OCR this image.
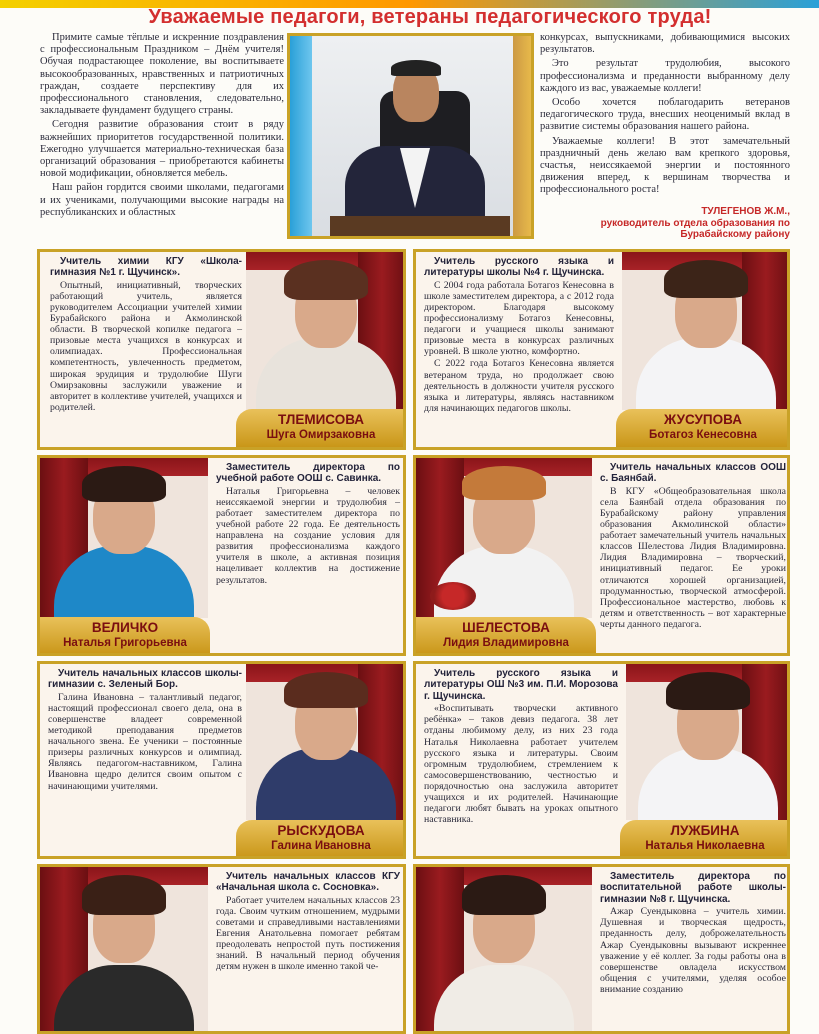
Уважаемые педагоги, ветераны педагогического труда!

Примите самые тёплые и искренние поздравления с профессиональным Праздником – Днём учителя! Обучая подрастающее поколение, вы воспитываете высокообразованных, нравственных и патриотичных граждан, создаете перспективу для их профессионального становления, следовательно, закладываете фундамент будущего страны.

Сегодня развитие образования стоит в ряду важнейших приоритетов государственной политики. Ежегодно улучшается материально-техническая база организаций образования – приобретаются кабинеты новой модификации, обновляется мебель.

Наш район гордится своими школами, педагогами и их учениками, получающими высокие награды на республиканских и областных

конкурсах, выпускниками, добивающимися высоких результатов.

Это результат трудолюбия, высокого профессионализма и преданности выбранному делу каждого из вас, уважаемые коллеги!

Особо хочется поблагодарить ветеранов педагогического труда, внесших неоценимый вклад в развитие системы образования нашего района.

Уважаемые коллеги! В этот замечательный праздничный день желаю вам крепкого здоровья, счастья, неиссякаемой энергии и постоянного движения вперед, к вершинам творчества и профессионального роста!

ТУЛЕГЕНОВ Ж.М.,
руководитель отдела образования по Бурабайскому району

Учитель химии КГУ «Школа-гимназия №1 г. Щучинск».

Опытный, инициативный, творческих работающий учитель, является руководителем Ассоциации учителей химии Бурабайского района и Акмолинской области. В творческой копилке педагога – призовые места учащихся в конкурсах и олимпиадах. Профессиональная компетентность, увлеченность предметом, широкая эрудиция и трудолюбие Шуги Омирзаковны заслужили уважение и авторитет в коллективе учителей, учащихся и родителей.

ТЛЕМИСОВА
Шуга Омирзаковна

Учитель русского языка и литературы школы №4 г. Щучинска.

С 2004 года работала Ботагоз Кенесовна в школе заместителем директора, а с 2012 года директором. Благодаря высокому профессионализму Ботагоз Кенесовны, педагоги и учащиеся школы занимают призовые места в конкурсах различных уровней. В школе уютно, комфортно.

С 2022 года Ботагоз Кенесовна является ветераном труда, но продолжает свою деятельность в должности учителя русского языка и литературы, являясь наставником для начинающих педагогов школы.

ЖУСУПОВА
Ботагоз Кенесовна
ВЕЛИЧКО
Наталья Григорьевна

Заместитель директора по учебной работе ООШ с. Савинка.

Наталья Григорьевна – человек неиссякаемой энергии и трудолюбия – работает заместителем директора по учебной работе 22 года. Ее деятельность направлена на создание условия для развития профессионализма каждого учителя в школе, а активная позиция нацеливает коллектив на достижение результатов.

ШЕЛЕСТОВА
Лидия Владимировна

Учитель начальных классов ООШ с. Баянбай.

В КГУ «Общеобразовательная школа села Баянбай отдела образования по Бурабайскому району управления образования Акмолинской области» работает замечательный учитель начальных классов Шелестова Лидия Владимировна. Лидия Владимировна – творческий, инициативный педагог. Ее уроки отличаются хорошей организацией, продуманностью, творческой атмосферой. Профессиональное мастерство, любовь к детям и ответственность – вот характерные черты данного педагога.

Учитель начальных классов школы-гимназии с. Зеленый Бор.

Галина Ивановна – талантливый педагог, настоящий профессионал своего дела, она в совершенстве владеет современной методикой преподавания предметов начального звена. Ее ученики – постоянные призеры различных конкурсов и олимпиад. Являясь педагогом-наставником, Галина Ивановна щедро делится своим опытом с начинающими учителями.

РЫСКУДОВА
Галина Ивановна

Учитель русского языка и литературы ОШ №3 им. П.И. Морозова г. Щучинска.

«Воспитывать творчески активного ребёнка» – таков девиз педагога. 38 лет отданы любимому делу, из них 23 года Наталья Николаевна работает учителем русского языка и литературы. Своим огромным трудолюбием, стремлением к самосовершенствованию, честностью и порядочностью она заслужила авторитет учащихся и их родителей. Начинающие педагоги любят бывать на уроках опытного наставника.

ЛУЖБИНА
Наталья Николаевна

Учитель начальных классов КГУ «Начальная школа с. Сосновка».

Работает учителем начальных классов 23 года. Своим чутким отношением, мудрыми советами и справедливыми наставлениями Евгения Анатольевна помогает ребятам преодолевать непростой путь постижения знаний. В начальный период обучения детям нужен в школе именно такой че-

Заместитель директора по воспитательной работе школы-гимназии №8 г. Щучинска.

Ажар Суендыковна – учитель химии. Душевная и творческая щедрость, преданность делу, доброжелательность Ажар Суендыковны вызывают искреннее уважение у её коллег. За годы работы она в совершенстве овладела искусством общения с учителями, уделяя особое внимание созданию
